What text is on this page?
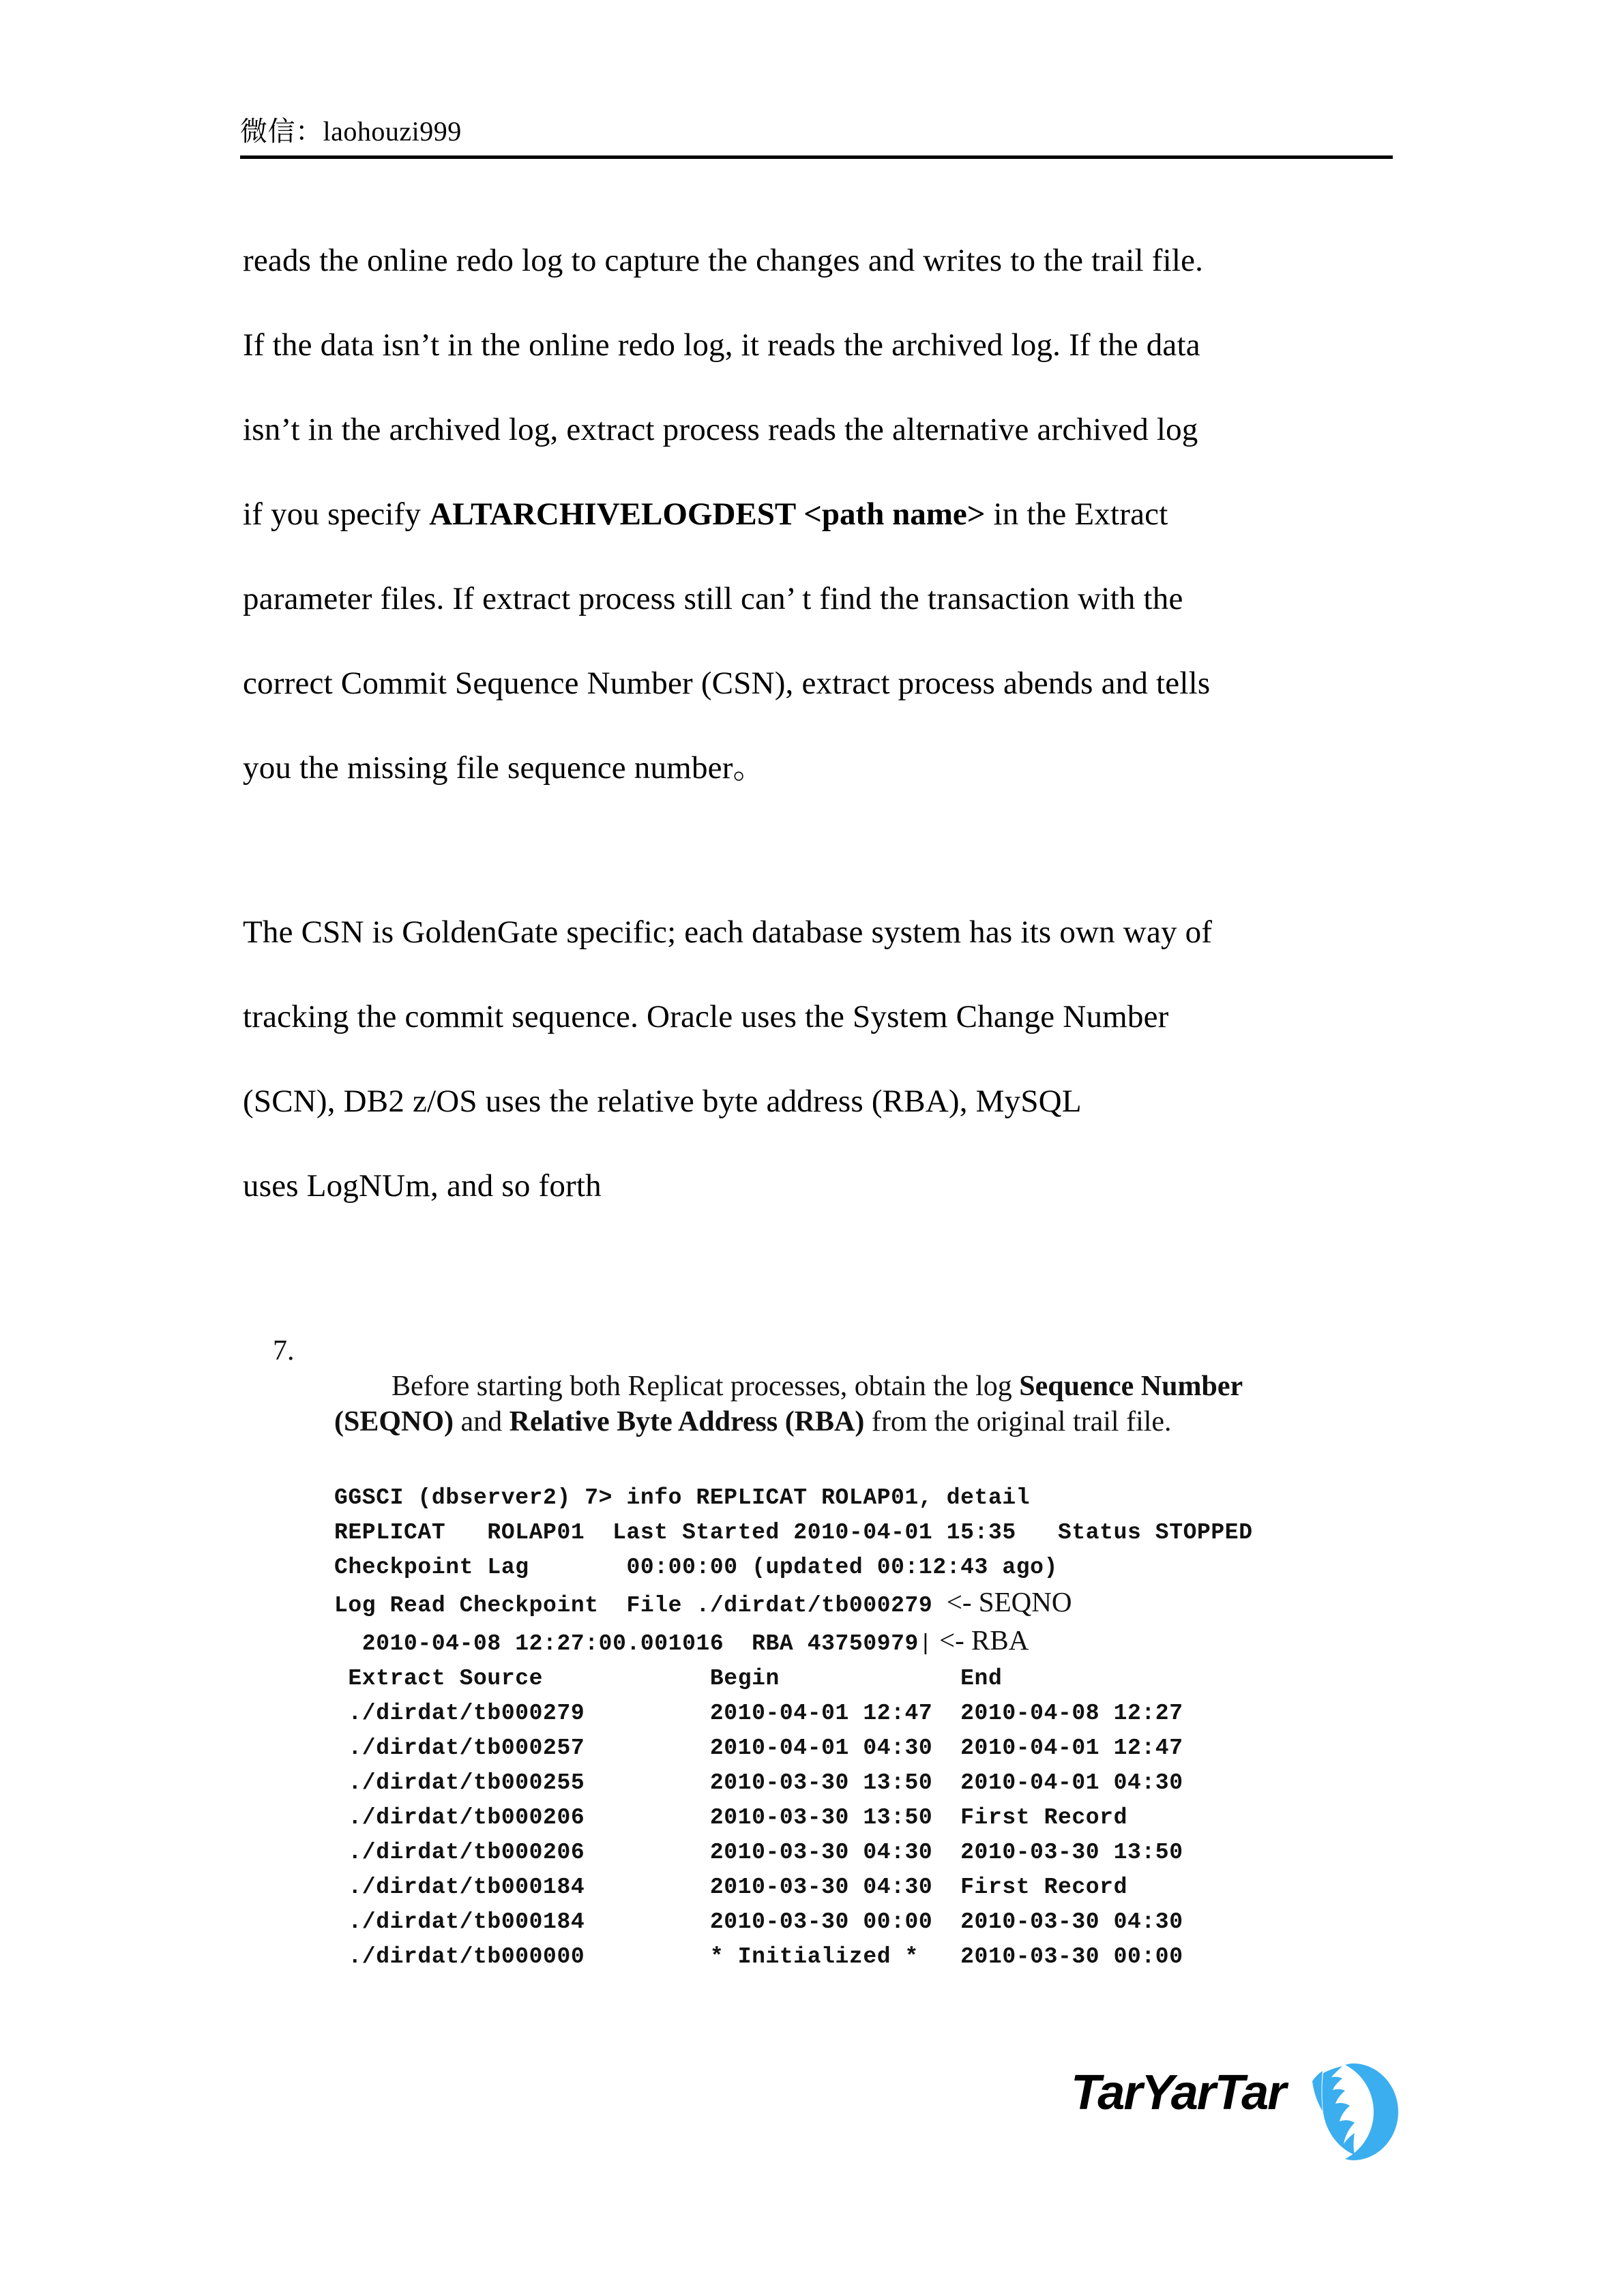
微信：laohouzi999
reads the online redo log to capture the changes and writes to the trail file.
If the data isn’t in the online redo log, it reads the archived log. If the data
isn’t in the archived log, extract process reads the alternative archived log
if you specify ALTARCHIVELOGDEST <path name> in the Extract
parameter files. If extract process still can’ t find the transaction with the
correct Commit Sequence Number (CSN), extract process abends and tells
you the missing file sequence number。
The CSN is GoldenGate specific; each database system has its own way of
tracking the commit sequence. Oracle uses the System Change Number
(SCN), DB2 z/OS uses the relative byte address (RBA), MySQL
uses LogNUm, and so forth
7.

Before starting both Replicat processes, obtain the log Sequence Number
(SEQNO) and Relative Byte Address (RBA) from the original trail file.

GGSCI (dbserver2) 7> info REPLICAT ROLAP01, detail
REPLICAT   ROLAP01  Last Started 2010-04-01 15:35   Status STOPPED
Checkpoint Lag       00:00:00 (updated 00:12:43 ago)
Log Read Checkpoint  File ./dirdat/tb000279 <- SEQNO
2010-04-08 12:27:00.001016  RBA 43750979| <- RBA
Extract Source            Begin             End
./dirdat/tb000279         2010-04-01 12:47  2010-04-08 12:27
./dirdat/tb000257         2010-04-01 04:30  2010-04-01 12:47
./dirdat/tb000255         2010-03-30 13:50  2010-04-01 04:30
./dirdat/tb000206         2010-03-30 13:50  First Record
./dirdat/tb000206         2010-03-30 04:30  2010-03-30 13:50
./dirdat/tb000184         2010-03-30 04:30  First Record
./dirdat/tb000184         2010-03-30 00:00  2010-03-30 04:30
./dirdat/tb000000         * Initialized *   2010-03-30 00:00
TarYarTar
太阳塔科技
